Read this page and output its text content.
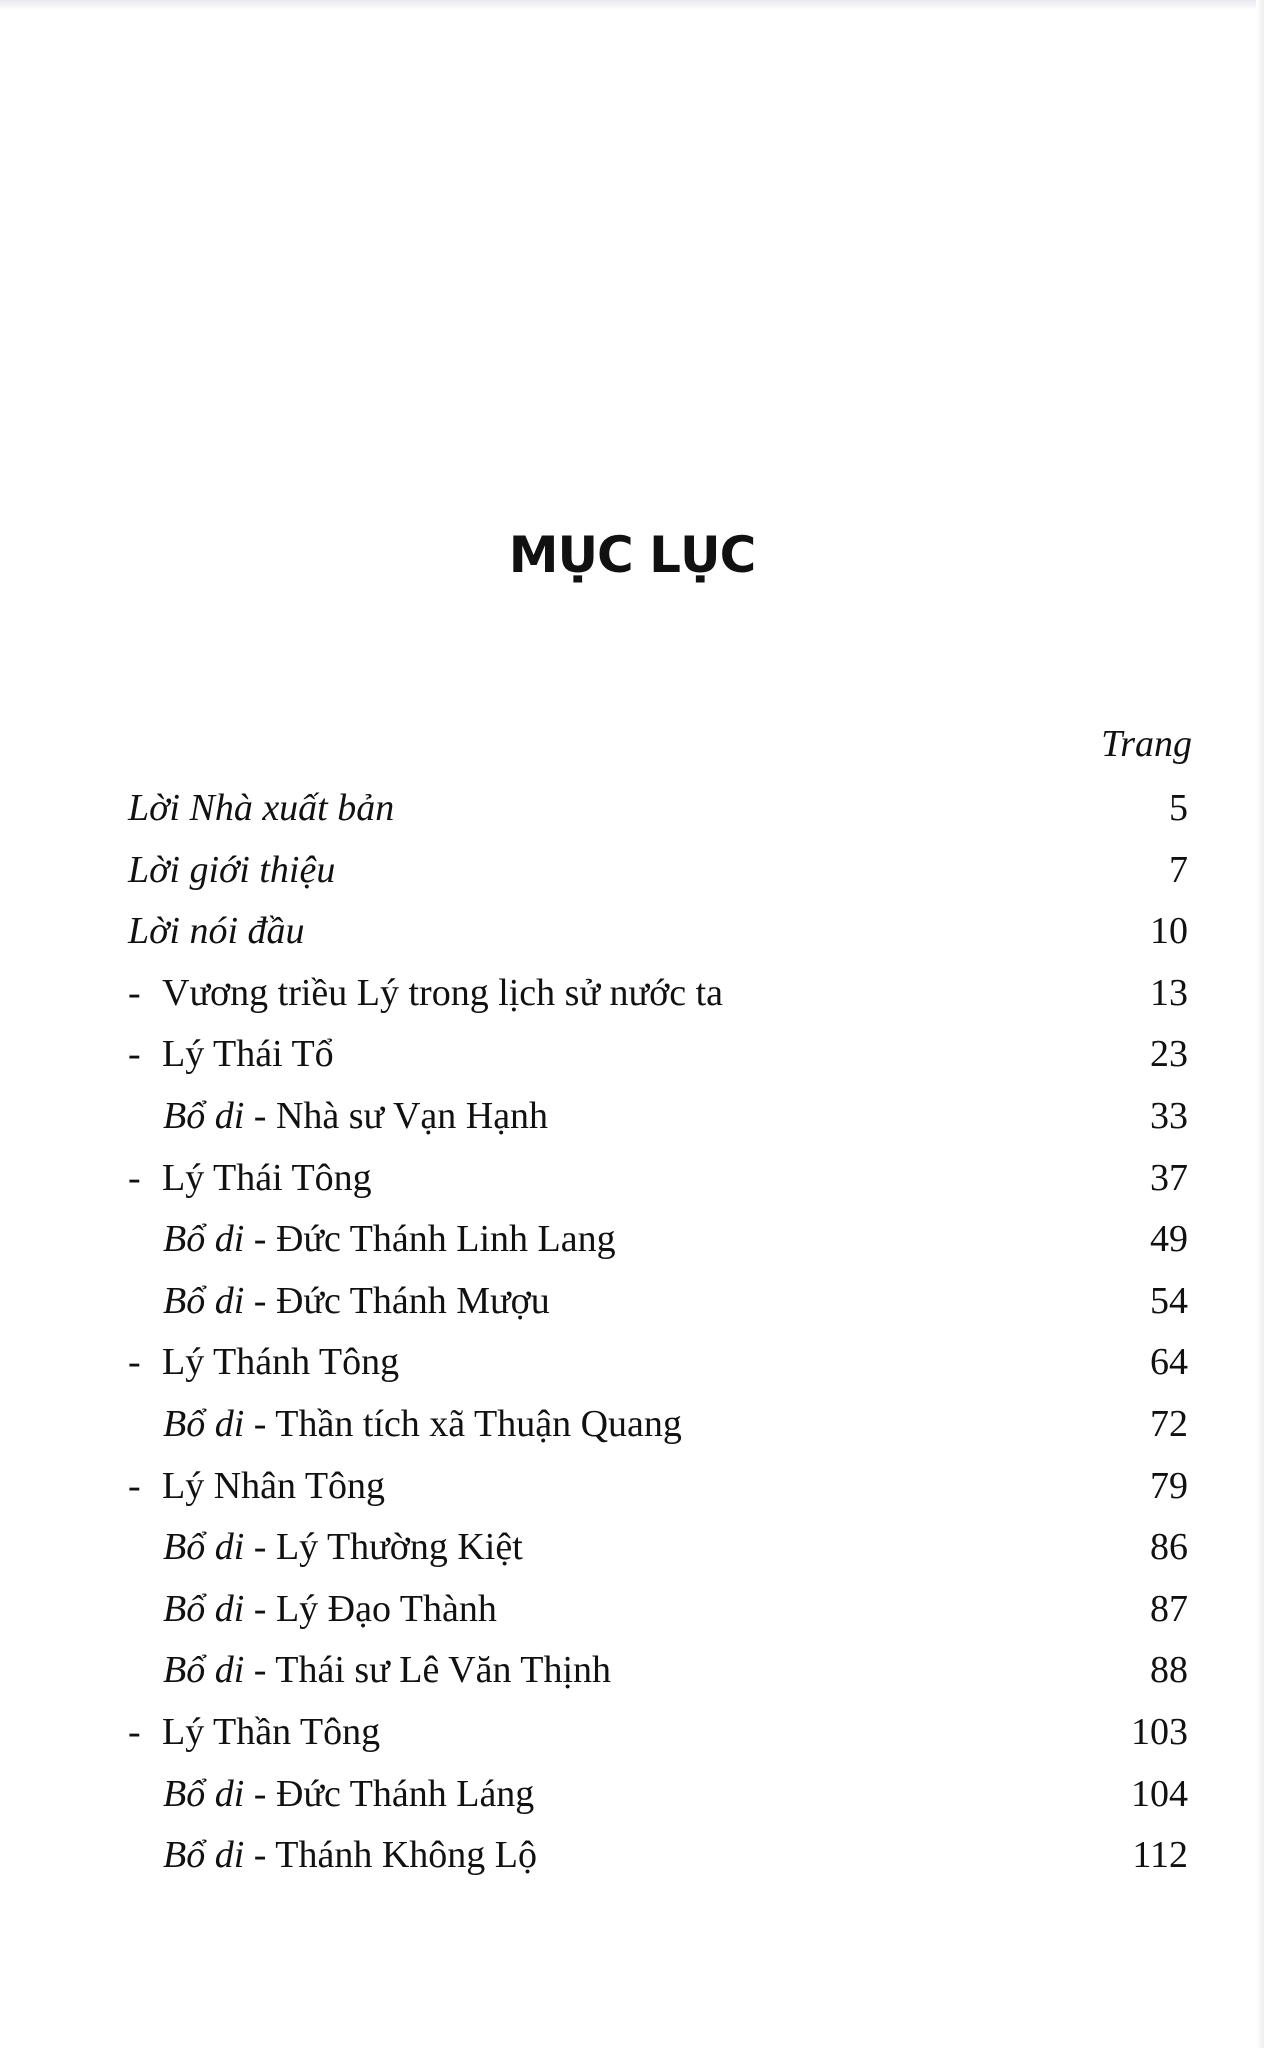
MỤC LỤC
Trang
Lời Nhà xuất bản	5
Lời giới thiệu	7
Lời nói đầu	10
- Vương triều Lý trong lịch sử nước ta	13
- Lý Thái Tổ	23
Bổ di - Nhà sư Vạn Hạnh	33
- Lý Thái Tông	37
Bổ di - Đức Thánh Linh Lang	49
Bổ di - Đức Thánh Mượu	54
- Lý Thánh Tông	64
Bổ di - Thần tích xã Thuận Quang	72
- Lý Nhân Tông	79
Bổ di - Lý Thường Kiệt	86
Bổ di - Lý Đạo Thành	87
Bổ di - Thái sư Lê Văn Thịnh	88
- Lý Thần Tông	103
Bổ di - Đức Thánh Láng	104
Bổ di - Thánh Không Lộ	112
